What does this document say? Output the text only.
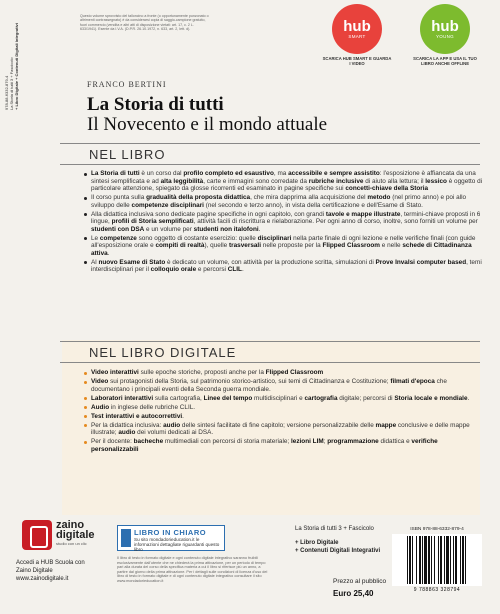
978-88-6332-879-4 La Storia di tutti 3 + Fascicolo + Libro Digitale + Contenuti Digitali Integrativi
Questo volume sprovvisto del talloncino a fronte (o opportunamente punzonato o altrimenti contrassegnato) è da considerarsi copia di saggio-campione gratuito, fuori commercio (vendita e altri atti di disposizione vietati: art. 17, c. 2 L. 633/1941). Esente da I.V.A. (D.P.R. 26.10.1972, n. 633, art. 2, lett. d).	hub
SMART
SCARICA HUB SMART E GUARDA I VIDEO
hub
YOUNG
SCARICA LA APP E USA IL TUO LIBRO ANCHE OFFLINE
FRANCO BERTINI
La Storia di tutti
Il Novecento e il mondo attuale
NEL LIBRO
La Storia di tutti è un corso dal profilo completo ed esaustivo, ma accessibile e sempre assistito: l'esposizione è affiancata da una sintesi semplificata e ad alta leggibilità, carte e immagini sono corredate da rubriche inclusive di aiuto alla lettura; il lessico è oggetto di particolare attenzione, spiegato da glosse ricorrenti ed esaminato in pagine specifiche sui concetti-chiave della Storia
Il corso punta sulla gradualità della proposta didattica, che mira dapprima alla acquisizione del metodo (nel primo anno) e poi allo sviluppo delle competenze disciplinari (nel secondo e terzo anno), in vista della certificazione e dell'Esame di Stato.
Alla didattica inclusiva sono dedicate pagine specifiche in ogni capitolo, con grandi tavole e mappe illustrate, termini-chiave proposti in 6 lingue, profili di Storia semplificati, attività facili di riscrittura e rielaborazione. Per ogni anno di corso, inoltre, sono forniti un volume per studenti con DSA e un volume per studenti non italofoni.
Le competenze sono oggetto di costante esercizio: quelle disciplinari nella parte finale di ogni lezione e nelle verifiche finali (con guide all'esposizione orale e compiti di realtà), quelle trasversali nelle proposte per la Flipped Classroom e nelle schede di Cittadinanza attiva.
Al nuovo Esame di Stato è dedicato un volume, con attività per la produzione scritta, simulazioni di Prove Invalsi computer based, temi interdisciplinari per il colloquio orale e percorsi CLIL.
NEL LIBRO DIGITALE
Video interattivi sulle epoche storiche, proposti anche per la Flipped Classroom
Video sui protagonisti della Storia, sul patrimonio storico-artistico, sui temi di Cittadinanza e Costituzione; filmati d'epoca che documentano i principali eventi della Seconda guerra mondiale.
Laboratori interattivi sulla cartografia, Linee del tempo multidisciplinari e cartografia digitale; percorsi di Storia locale e mondiale.
Audio in inglese delle rubriche CLIL.
Test interattivi e autocorrettivi.
Per la didattica inclusiva: audio delle sintesi facilitate di fine capitolo; versione personalizzabile delle mappe conclusive e delle mappe illustrate; audio dei volumi dedicati ai DSA.
Per il docente: bacheche multimediali con percorsi di storia materiale; lezioni LIM; programmazione didattica e verifiche personalizzabili
zaino digitale
studio con un clic
Accedi a HUB Scuola con Zaino Digitale
www.zainodigitale.it
LIBRO IN CHIARO
Su sito mondadorieducation.it le informazioni dettagliate riguardanti questo libro
Il libro di testo in formato digitale e ogni contenuto digitale integrativo saranno fruibili esclusivamente dall'utente che ne chiederà la prima attivazione, per un periodo di tempo pari alla durata del corso della specifica materia a cui il libro si riferisce più un anno, a partire dal giorno della prima attivazione. Per i dettagli sulle condizioni di licenza d'uso del libro di testo in formato digitale e di ogni contenuto digitale integrativo consultare il sito www.mondadorieducation.it
La Storia di tutti 3 + Fascicolo
+ Libro Digitale
+ Contenuti Digitali Integrativi
Prezzo al pubblico
Euro 25,40
ISBN 978-88-6332-879-4
9 788863 328794
